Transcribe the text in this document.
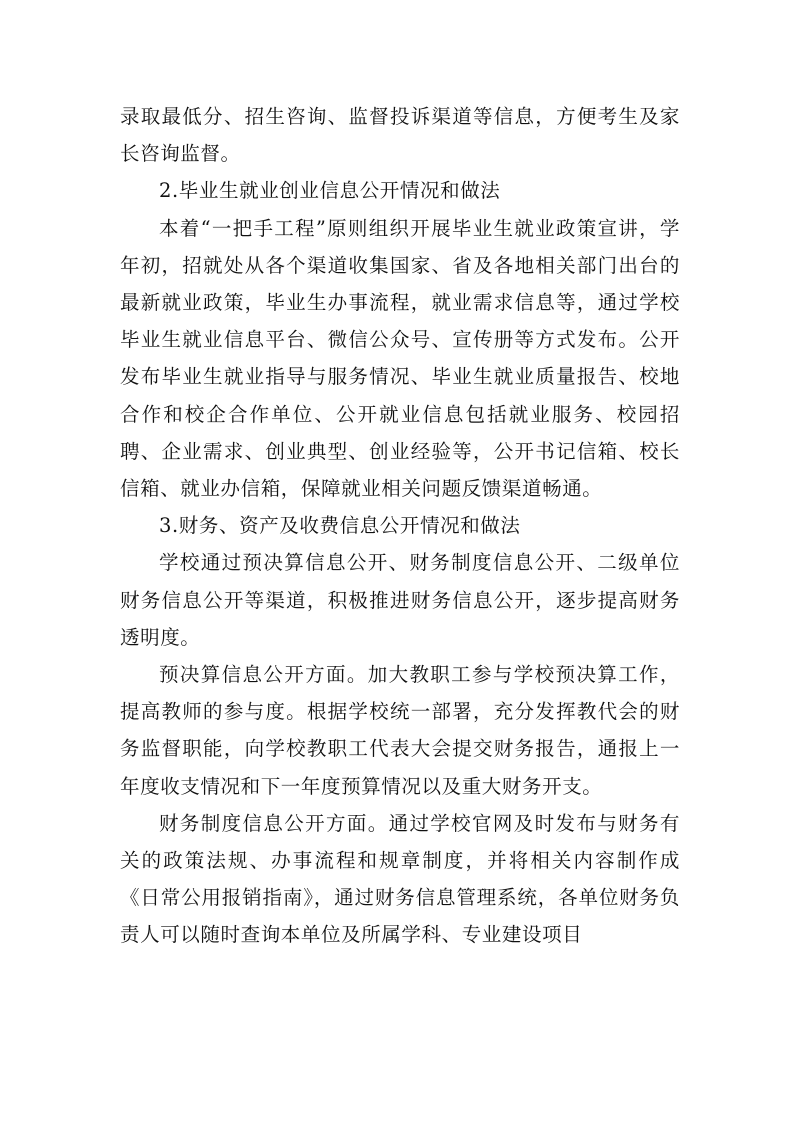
录取最低分、招生咨询、监督投诉渠道等信息，方便考生及家长咨询监督。

2.毕业生就业创业信息公开情况和做法

本着“一把手工程”原则组织开展毕业生就业政策宣讲，学年初，招就处从各个渠道收集国家、省及各地相关部门出台的最新就业政策，毕业生办事流程，就业需求信息等，通过学校毕业生就业信息平台、微信公众号、宣传册等方式发布。公开发布毕业生就业指导与服务情况、毕业生就业质量报告、校地合作和校企合作单位、公开就业信息包括就业服务、校园招聘、企业需求、创业典型、创业经验等，公开书记信箱、校长信箱、就业办信箱，保障就业相关问题反馈渠道畅通。

3.财务、资产及收费信息公开情况和做法

学校通过预决算信息公开、财务制度信息公开、二级单位财务信息公开等渠道，积极推进财务信息公开，逐步提高财务透明度。

预决算信息公开方面。加大教职工参与学校预决算工作，提高教师的参与度。根据学校统一部署，充分发挥教代会的财务监督职能，向学校教职工代表大会提交财务报告，通报上一年度收支情况和下一年度预算情况以及重大财务开支。

财务制度信息公开方面。通过学校官网及时发布与财务有关的政策法规、办事流程和规章制度，并将相关内容制作成《日常公用报销指南》，通过财务信息管理系统，各单位财务负责人可以随时查询本单位及所属学科、专业建设项目
